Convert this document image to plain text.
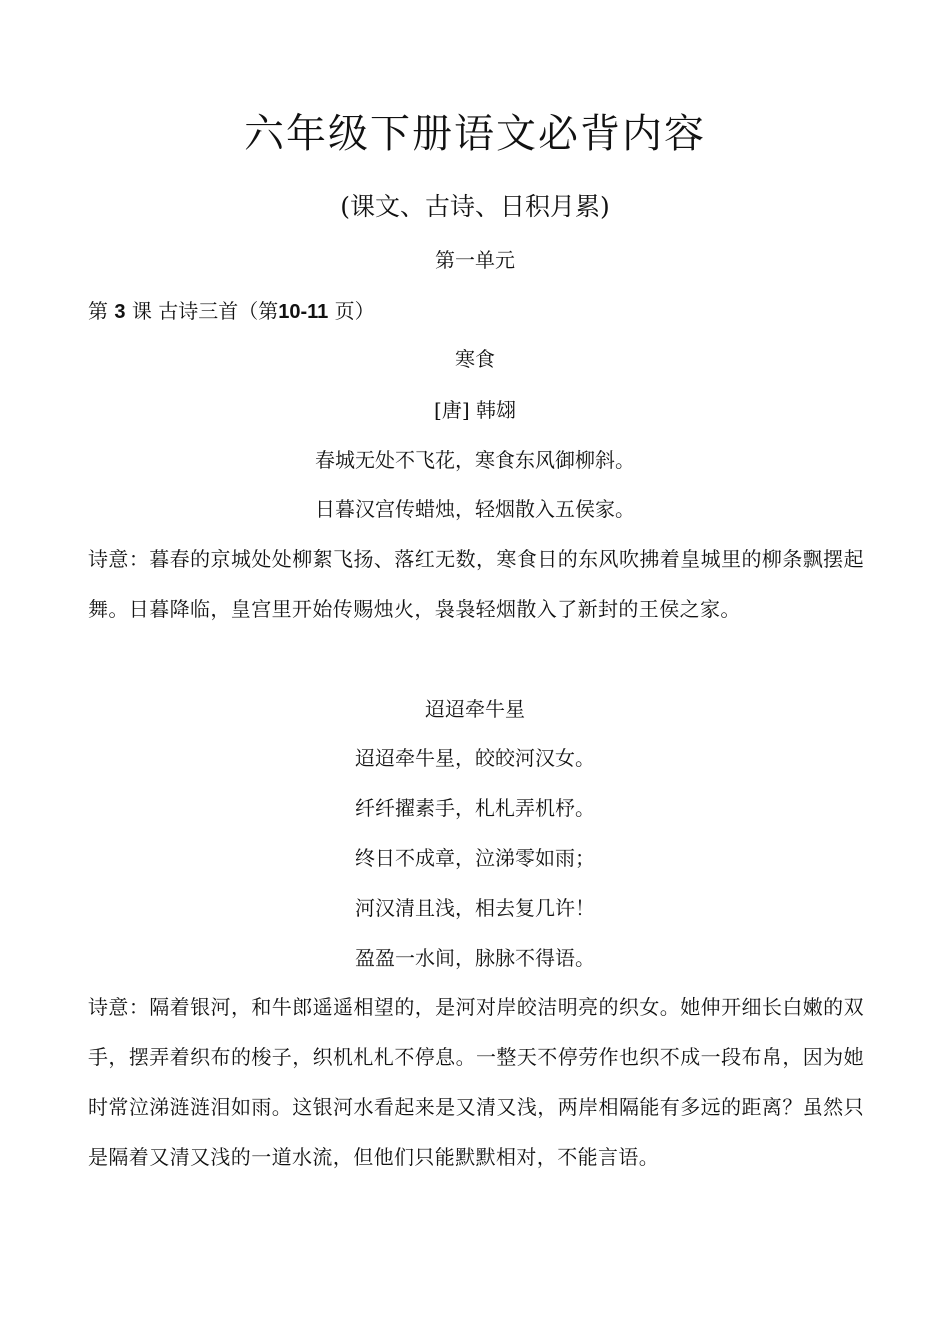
六年级下册语文必背内容

(课文、古诗、日积月累)

第一单元

第 3 课 古诗三首（第10-11 页）

寒食

[唐] 韩翃

春城无处不飞花，寒食东风御柳斜。

日暮汉宫传蜡烛，轻烟散入五侯家。

诗意：暮春的京城处处柳絮飞扬、落红无数，寒食日的东风吹拂着皇城里的柳条飘摆起舞。日暮降临，皇宫里开始传赐烛火，袅袅轻烟散入了新封的王侯之家。

迢迢牵牛星

迢迢牵牛星，皎皎河汉女。

纤纤擢素手，札札弄机杼。

终日不成章，泣涕零如雨；

河汉清且浅，相去复几许！

盈盈一水间，脉脉不得语。

诗意：隔着银河，和牛郎遥遥相望的，是河对岸皎洁明亮的织女。她伸开细长白嫩的双手，摆弄着织布的梭子，织机札札不停息。一整天不停劳作也织不成一段布帛，因为她时常泣涕涟涟泪如雨。这银河水看起来是又清又浅，两岸相隔能有多远的距离？虽然只是隔着又清又浅的一道水流，但他们只能默默相对，不能言语。
